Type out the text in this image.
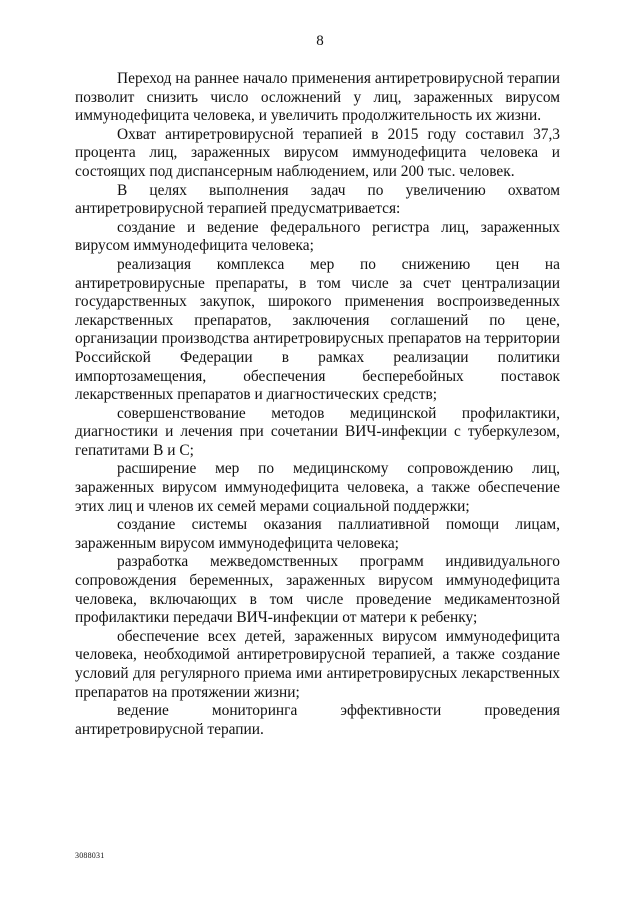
8

Переход на раннее начало применения антиретровирусной терапии позволит снизить число осложнений у лиц, зараженных вирусом иммунодефицита человека, и увеличить продолжительность их жизни.

Охват антиретровирусной терапией в 2015 году составил 37,3 процента лиц, зараженных вирусом иммунодефицита человека и состоящих под диспансерным наблюдением, или 200 тыс. человек.

В целях выполнения задач по увеличению охватом антиретровирусной терапией предусматривается:

создание и ведение федерального регистра лиц, зараженных вирусом иммунодефицита человека;

реализация комплекса мер по снижению цен на антиретровирусные препараты, в том числе за счет централизации государственных закупок, широкого применения воспроизведенных лекарственных препаратов, заключения соглашений по цене, организации производства антиретровирусных препаратов на территории Российской Федерации в рамках реализации политики импортозамещения, обеспечения бесперебойных поставок лекарственных препаратов и диагностических средств;

совершенствование методов медицинской профилактики, диагностики и лечения при сочетании ВИЧ-инфекции с туберкулезом, гепатитами В и С;

расширение мер по медицинскому сопровождению лиц, зараженных вирусом иммунодефицита человека, а также обеспечение этих лиц и членов их семей мерами социальной поддержки;

создание системы оказания паллиативной помощи лицам, зараженным вирусом иммунодефицита человека;

разработка межведомственных программ индивидуального сопровождения беременных, зараженных вирусом иммунодефицита человека, включающих в том числе проведение медикаментозной профилактики передачи ВИЧ-инфекции от матери к ребенку;

обеспечение всех детей, зараженных вирусом иммунодефицита человека, необходимой антиретровирусной терапией, а также создание условий для регулярного приема ими антиретровирусных лекарственных препаратов на протяжении жизни;

ведение мониторинга эффективности проведения антиретровирусной терапии.

3088031
